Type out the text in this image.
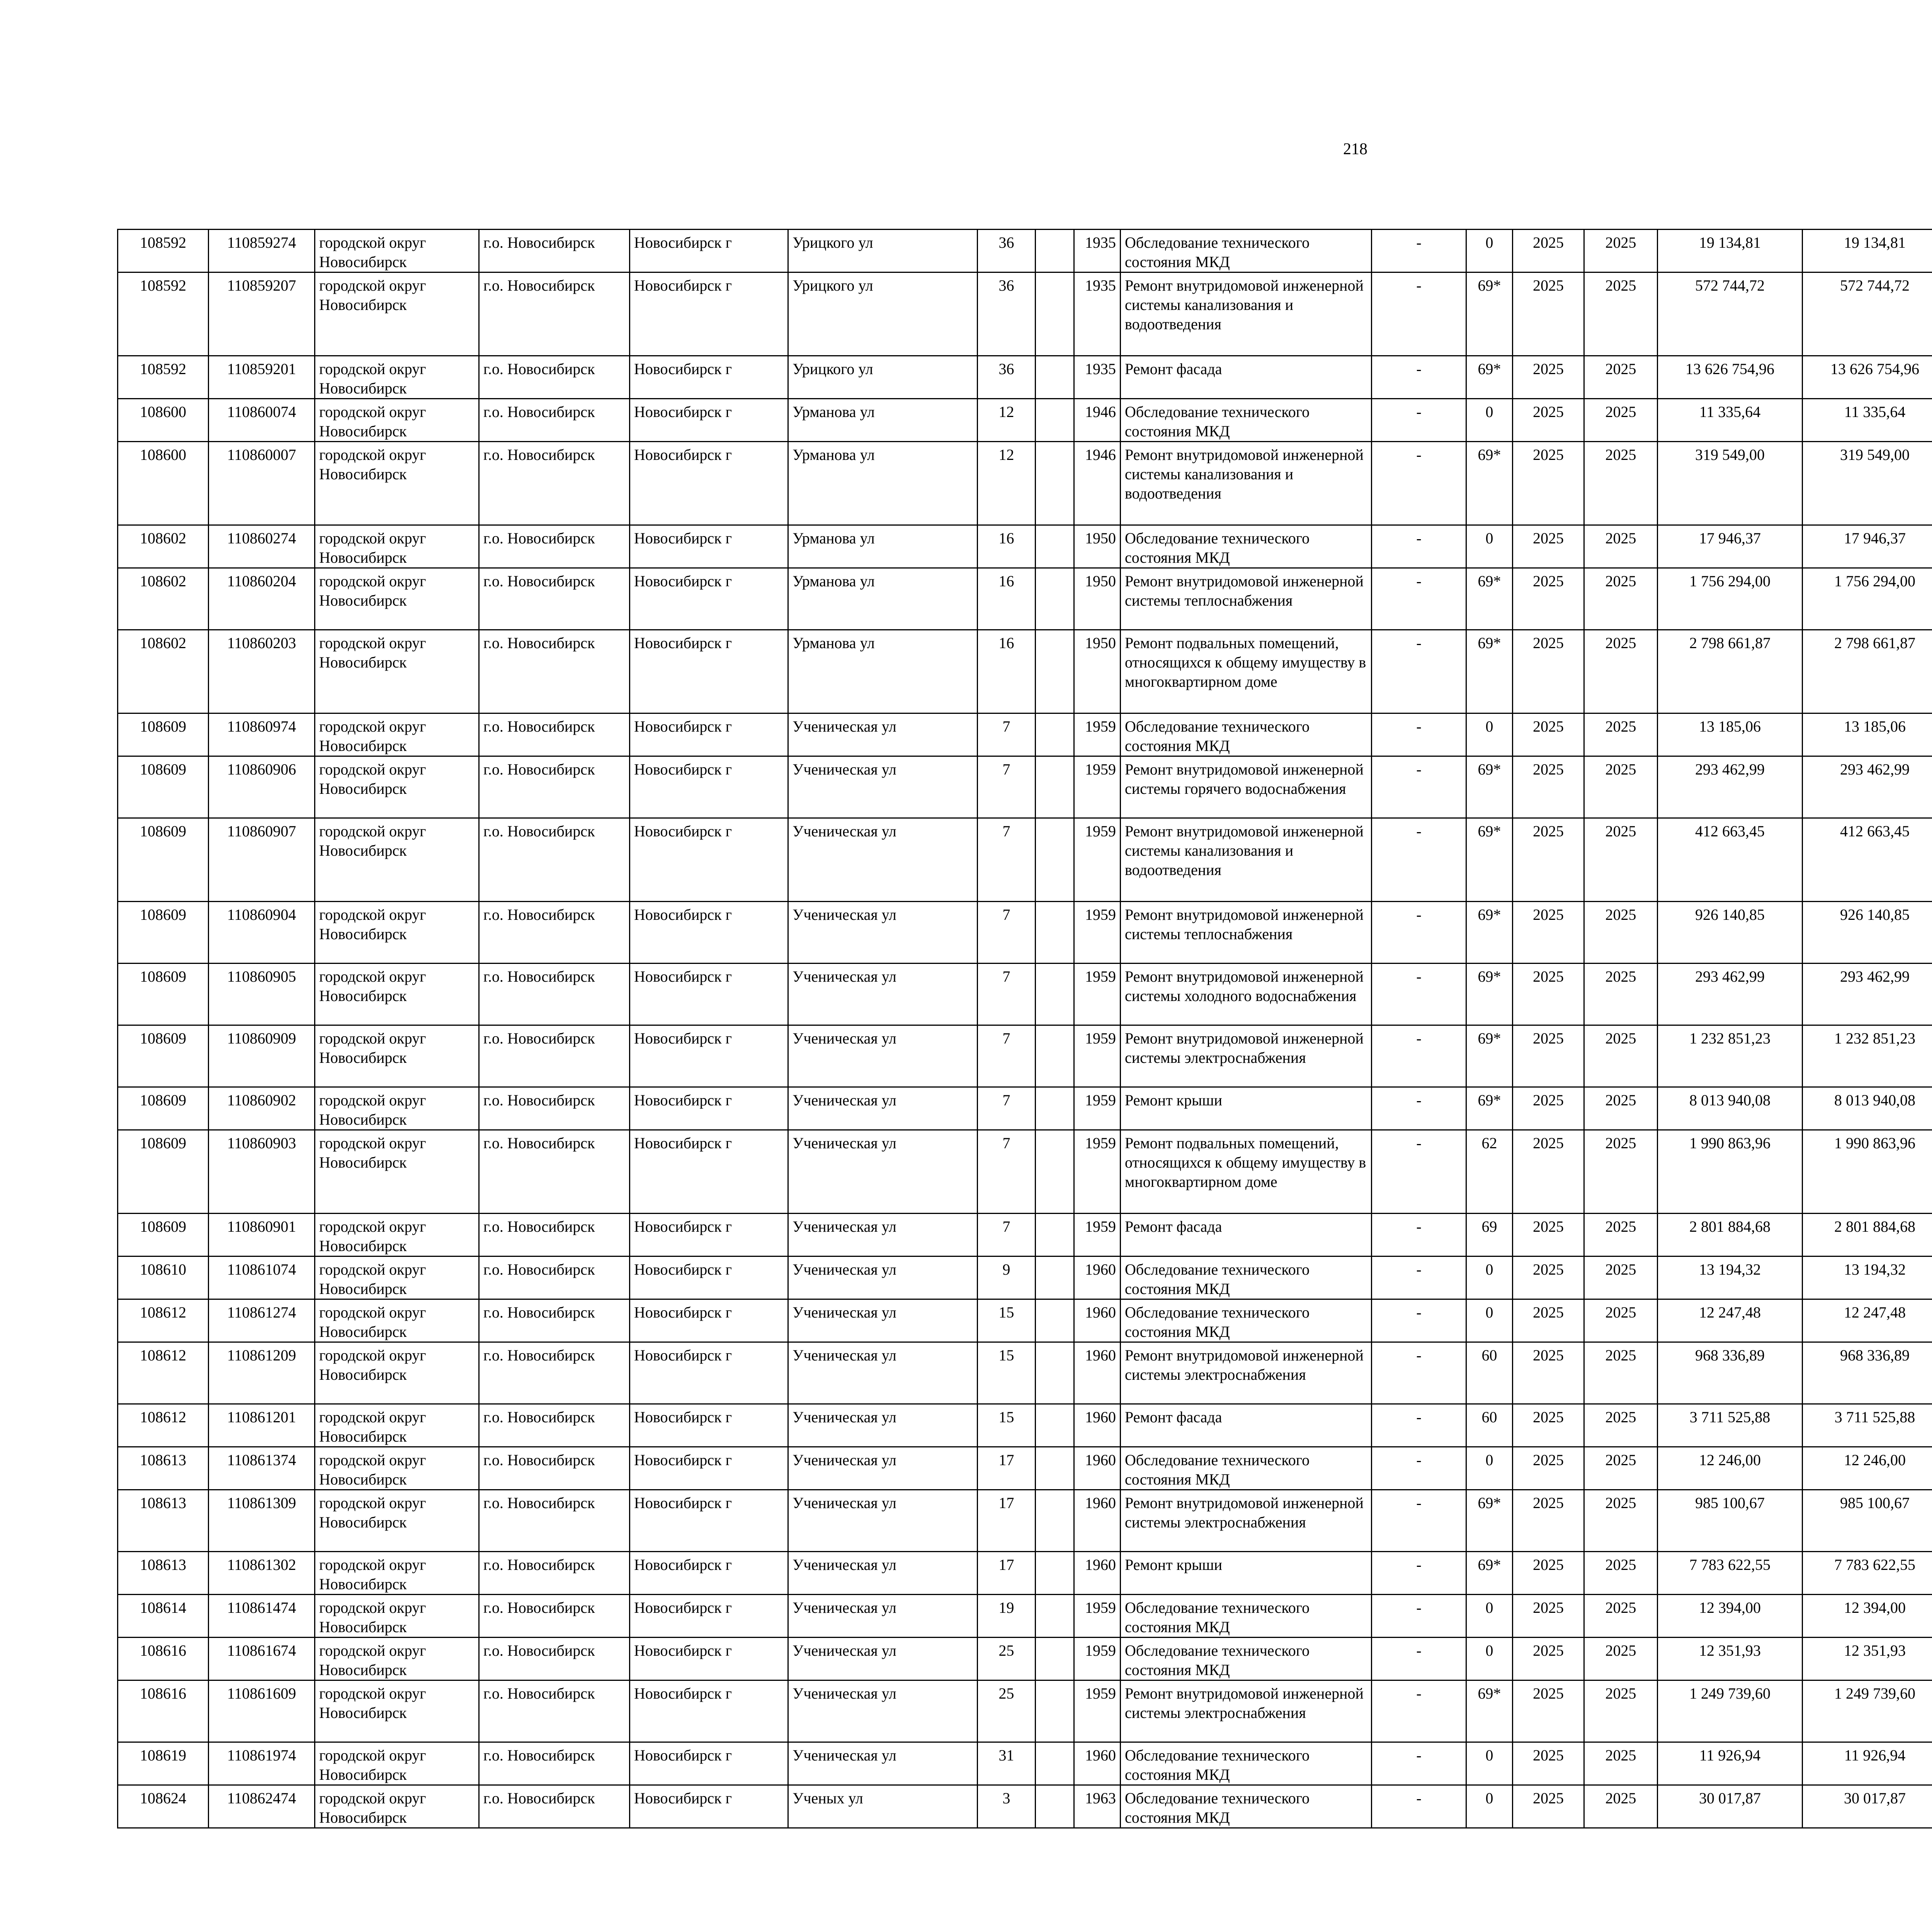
218
108592	110859274	городской округ Новосибирск	г.о. Новосибирск	Новосибирск г	Урицкого ул	36		1935	Обследование технического состояния МКД	-	0	2025	2025	19 134,81	19 134,81						
108592	110859207	городской округ Новосибирск	г.о. Новосибирск	Новосибирск г	Урицкого ул	36		1935	Ремонт внутридомовой инженерной системы канализования и водоотведения	-	69*	2025	2025	572 744,72	572 744,72						
108592	110859201	городской округ Новосибирск	г.о. Новосибирск	Новосибирск г	Урицкого ул	36		1935	Ремонт фасада	-	69*	2025	2025	13 626 754,96	13 626 754,96						
108600	110860074	городской округ Новосибирск	г.о. Новосибирск	Новосибирск г	Урманова ул	12		1946	Обследование технического состояния МКД	-	0	2025	2025	11 335,64	11 335,64						
108600	110860007	городской округ Новосибирск	г.о. Новосибирск	Новосибирск г	Урманова ул	12		1946	Ремонт внутридомовой инженерной системы канализования и водоотведения	-	69*	2025	2025	319 549,00	319 549,00						
108602	110860274	городской округ Новосибирск	г.о. Новосибирск	Новосибирск г	Урманова ул	16		1950	Обследование технического состояния МКД	-	0	2025	2025	17 946,37	17 946,37						
108602	110860204	городской округ Новосибирск	г.о. Новосибирск	Новосибирск г	Урманова ул	16		1950	Ремонт внутридомовой инженерной системы теплоснабжения	-	69*	2025	2025	1 756 294,00	1 756 294,00						
108602	110860203	городской округ Новосибирск	г.о. Новосибирск	Новосибирск г	Урманова ул	16		1950	Ремонт подвальных помещений, относящихся к общему имуществу в многоквартирном доме	-	69*	2025	2025	2 798 661,87	2 798 661,87						
108609	110860974	городской округ Новосибирск	г.о. Новосибирск	Новосибирск г	Ученическая ул	7		1959	Обследование технического состояния МКД	-	0	2025	2025	13 185,06	13 185,06						
108609	110860906	городской округ Новосибирск	г.о. Новосибирск	Новосибирск г	Ученическая ул	7		1959	Ремонт внутридомовой инженерной системы горячего водоснабжения	-	69*	2025	2025	293 462,99	293 462,99						
108609	110860907	городской округ Новосибирск	г.о. Новосибирск	Новосибирск г	Ученическая ул	7		1959	Ремонт внутридомовой инженерной системы канализования и водоотведения	-	69*	2025	2025	412 663,45	412 663,45						
108609	110860904	городской округ Новосибирск	г.о. Новосибирск	Новосибирск г	Ученическая ул	7		1959	Ремонт внутридомовой инженерной системы теплоснабжения	-	69*	2025	2025	926 140,85	926 140,85						
108609	110860905	городской округ Новосибирск	г.о. Новосибирск	Новосибирск г	Ученическая ул	7		1959	Ремонт внутридомовой инженерной системы холодного водоснабжения	-	69*	2025	2025	293 462,99	293 462,99						
108609	110860909	городской округ Новосибирск	г.о. Новосибирск	Новосибирск г	Ученическая ул	7		1959	Ремонт внутридомовой инженерной системы электроснабжения	-	69*	2025	2025	1 232 851,23	1 232 851,23						
108609	110860902	городской округ Новосибирск	г.о. Новосибирск	Новосибирск г	Ученическая ул	7		1959	Ремонт крыши	-	69*	2025	2025	8 013 940,08	8 013 940,08						
108609	110860903	городской округ Новосибирск	г.о. Новосибирск	Новосибирск г	Ученическая ул	7		1959	Ремонт подвальных помещений, относящихся к общему имуществу в многоквартирном доме	-	62	2025	2025	1 990 863,96	1 990 863,96						
108609	110860901	городской округ Новосибирск	г.о. Новосибирск	Новосибирск г	Ученическая ул	7		1959	Ремонт фасада	-	69	2025	2025	2 801 884,68	2 801 884,68						
108610	110861074	городской округ Новосибирск	г.о. Новосибирск	Новосибирск г	Ученическая ул	9		1960	Обследование технического состояния МКД	-	0	2025	2025	13 194,32	13 194,32						
108612	110861274	городской округ Новосибирск	г.о. Новосибирск	Новосибирск г	Ученическая ул	15		1960	Обследование технического состояния МКД	-	0	2025	2025	12 247,48	12 247,48						
108612	110861209	городской округ Новосибирск	г.о. Новосибирск	Новосибирск г	Ученическая ул	15		1960	Ремонт внутридомовой инженерной системы электроснабжения	-	60	2025	2025	968 336,89	968 336,89						
108612	110861201	городской округ Новосибирск	г.о. Новосибирск	Новосибирск г	Ученическая ул	15		1960	Ремонт фасада	-	60	2025	2025	3 711 525,88	3 711 525,88						
108613	110861374	городской округ Новосибирск	г.о. Новосибирск	Новосибирск г	Ученическая ул	17		1960	Обследование технического состояния МКД	-	0	2025	2025	12 246,00	12 246,00						
108613	110861309	городской округ Новосибирск	г.о. Новосибирск	Новосибирск г	Ученическая ул	17		1960	Ремонт внутридомовой инженерной системы электроснабжения	-	69*	2025	2025	985 100,67	985 100,67						
108613	110861302	городской округ Новосибирск	г.о. Новосибирск	Новосибирск г	Ученическая ул	17		1960	Ремонт крыши	-	69*	2025	2025	7 783 622,55	7 783 622,55						
108614	110861474	городской округ Новосибирск	г.о. Новосибирск	Новосибирск г	Ученическая ул	19		1959	Обследование технического состояния МКД	-	0	2025	2025	12 394,00	12 394,00						
108616	110861674	городской округ Новосибирск	г.о. Новосибирск	Новосибирск г	Ученическая ул	25		1959	Обследование технического состояния МКД	-	0	2025	2025	12 351,93	12 351,93						
108616	110861609	городской округ Новосибирск	г.о. Новосибирск	Новосибирск г	Ученическая ул	25		1959	Ремонт внутридомовой инженерной системы электроснабжения	-	69*	2025	2025	1 249 739,60	1 249 739,60						
108619	110861974	городской округ Новосибирск	г.о. Новосибирск	Новосибирск г	Ученическая ул	31		1960	Обследование технического состояния МКД	-	0	2025	2025	11 926,94	11 926,94						
108624	110862474	городской округ Новосибирск	г.о. Новосибирск	Новосибирск г	Ученых ул	3		1963	Обследование технического состояния МКД	-	0	2025	2025	30 017,87	30 017,87						
